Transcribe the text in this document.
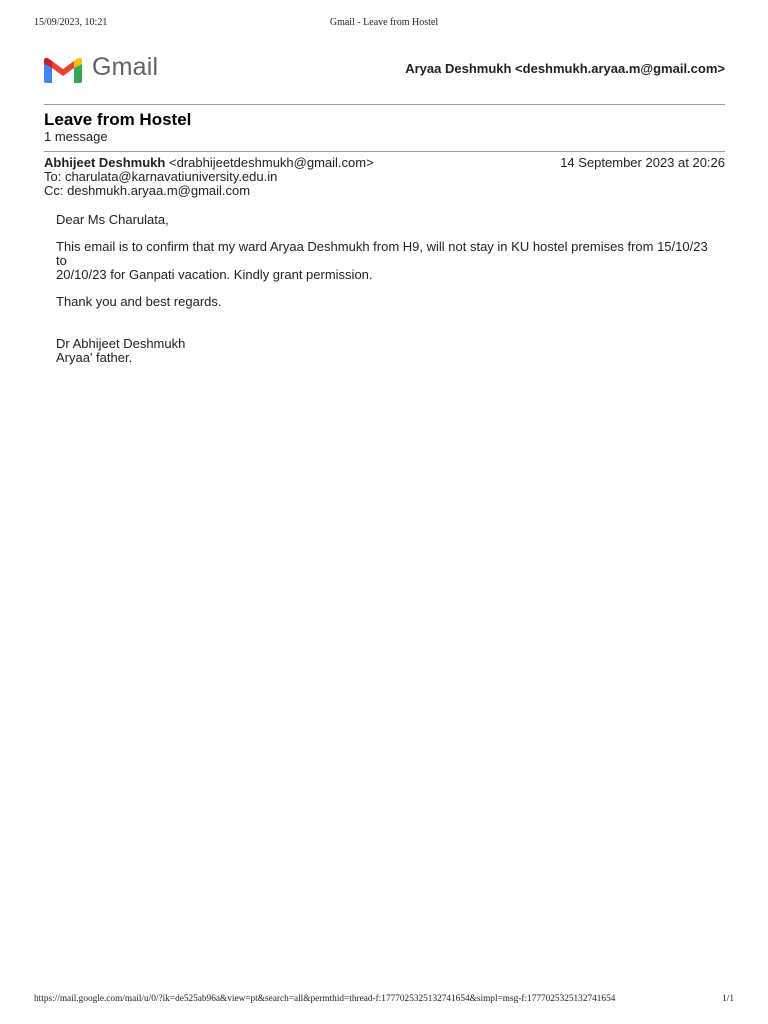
15/09/2023, 10:21	Gmail - Leave from Hostel
Gmail	Aryaa Deshmukh <deshmukh.aryaa.m@gmail.com>
Leave from Hostel
1 message
Abhijeet Deshmukh <drabhijeetdeshmukh@gmail.com>	14 September 2023 at 20:26
To: charulata@karnavatiuniversity.edu.in
Cc: deshmukh.aryaa.m@gmail.com

Dear Ms Charulata,

This email is to confirm that my ward Aryaa Deshmukh from H9, will not stay in KU hostel premises from 15/10/23 to
20/10/23 for Ganpati vacation. Kindly grant permission.

Thank you and best regards.

Dr Abhijeet Deshmukh
Aryaa' father.
https://mail.google.com/mail/u/0/?ik=de525ab96a&view=pt&search=all&permthid=thread-f:1777025325132741654&simpl=msg-f:1777025325132741654	1/1
